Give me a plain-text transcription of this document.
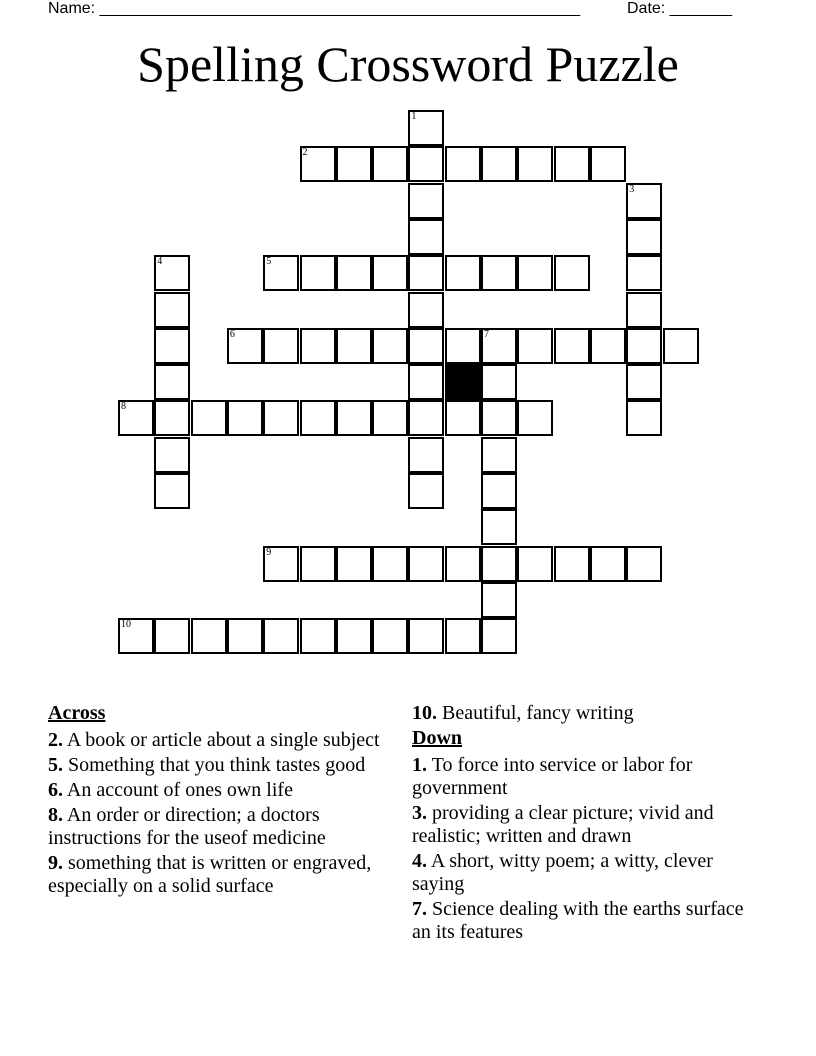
Name: ______________________________________________________	Date: _______
Spelling Crossword Puzzle
1
2
3
4	5
6	7
8
9
10
Across
2. A book or article about a single subject
5. Something that you think tastes good
6. An account of ones own life
8. An order or direction; a doctors instructions for the useof medicine
9. something that is written or engraved, especially on a solid surface
10. Beautiful, fancy writing
Down
1. To force into service or labor for government
3. providing a clear picture; vivid and realistic; written and drawn
4. A short, witty poem; a witty, clever saying
7. Science dealing with the earths surface an its features
